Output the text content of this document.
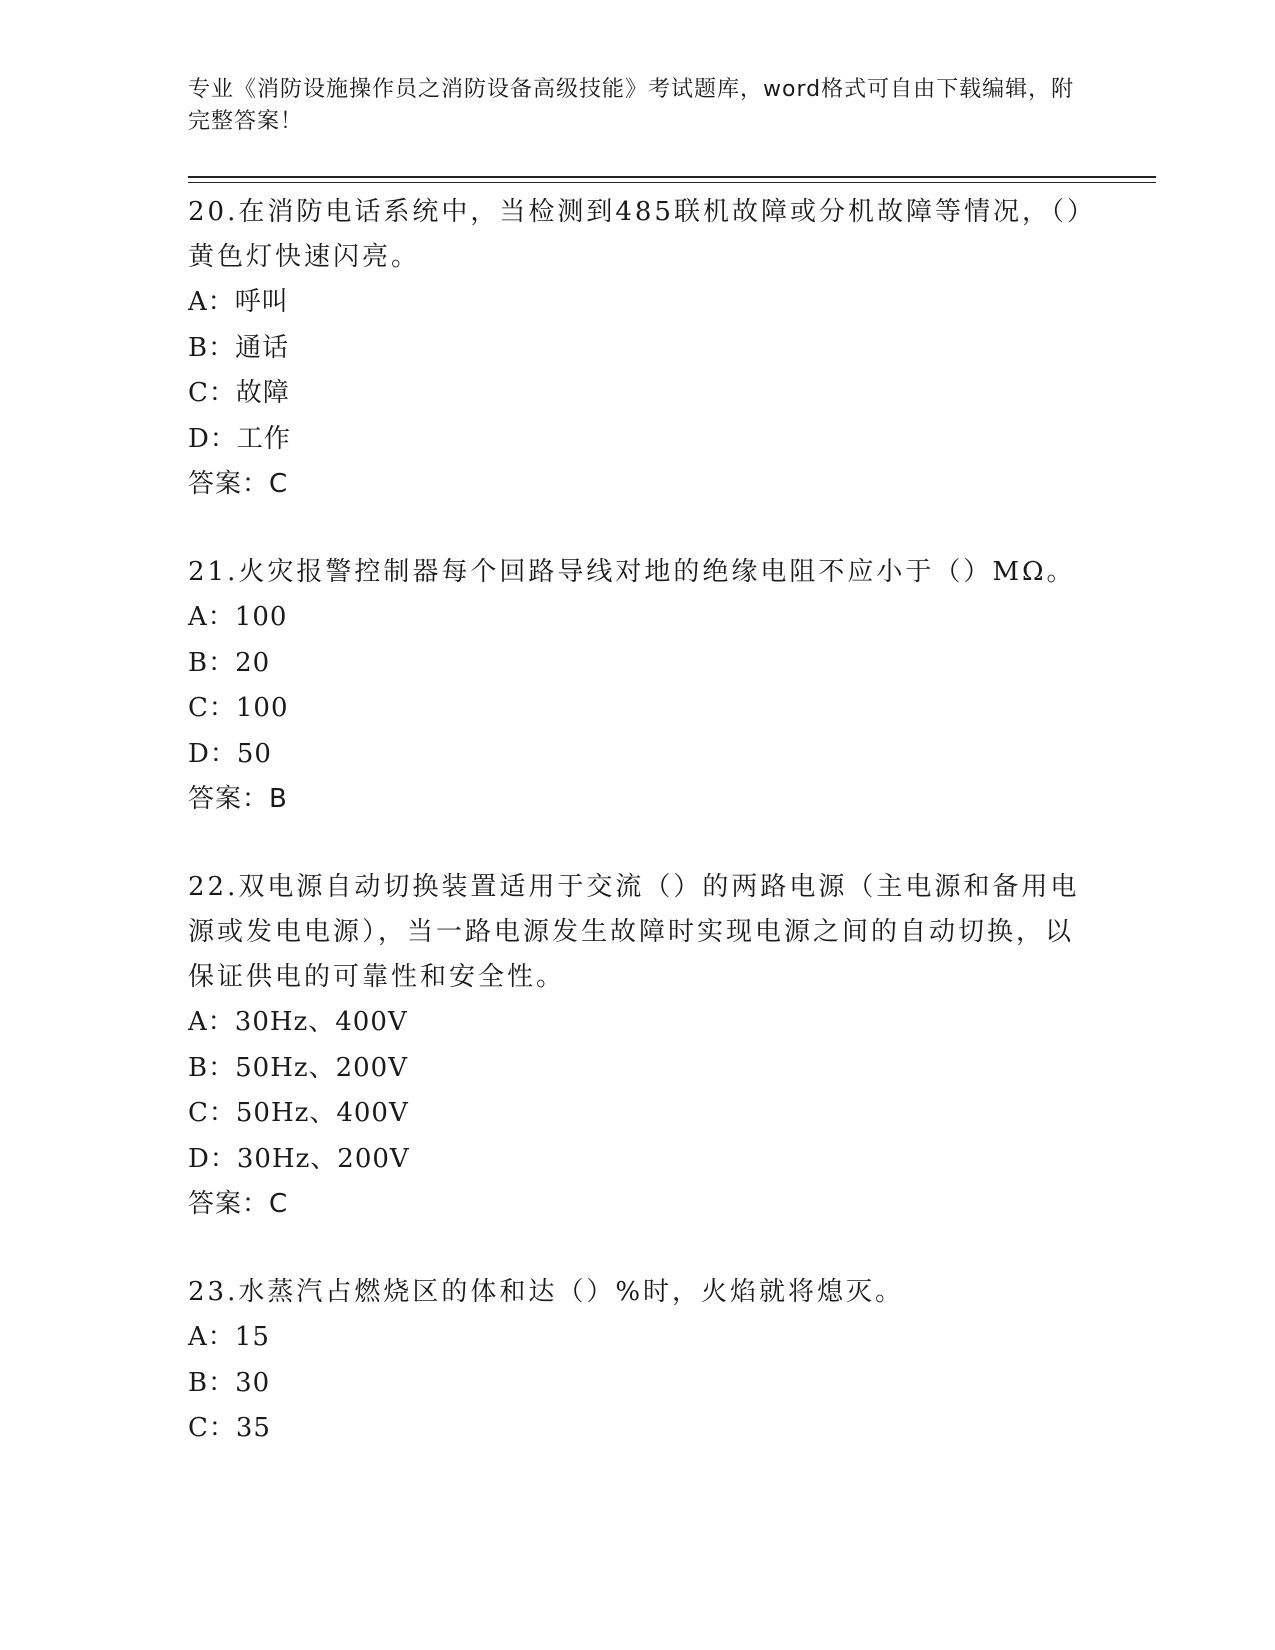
专业《消防设施操作员之消防设备高级技能》考试题库，word格式可自由下载编辑，附完整答案！
20.在消防电话系统中，当检测到485联机故障或分机故障等情况，（）黄色灯快速闪亮。
A：呼叫
B：通话
C：故障
D：工作
答案：C
21.火灾报警控制器每个回路导线对地的绝缘电阻不应小于（）MΩ。
A：100
B：20
C：100
D：50
答案：B
22.双电源自动切换装置适用于交流（）的两路电源（主电源和备用电源或发电电源），当一路电源发生故障时实现电源之间的自动切换，以保证供电的可靠性和安全性。
A：30Hz、400V
B：50Hz、200V
C：50Hz、400V
D：30Hz、200V
答案：C
23.水蒸汽占燃烧区的体和达（）%时，火焰就将熄灭。
A：15
B：30
C：35
